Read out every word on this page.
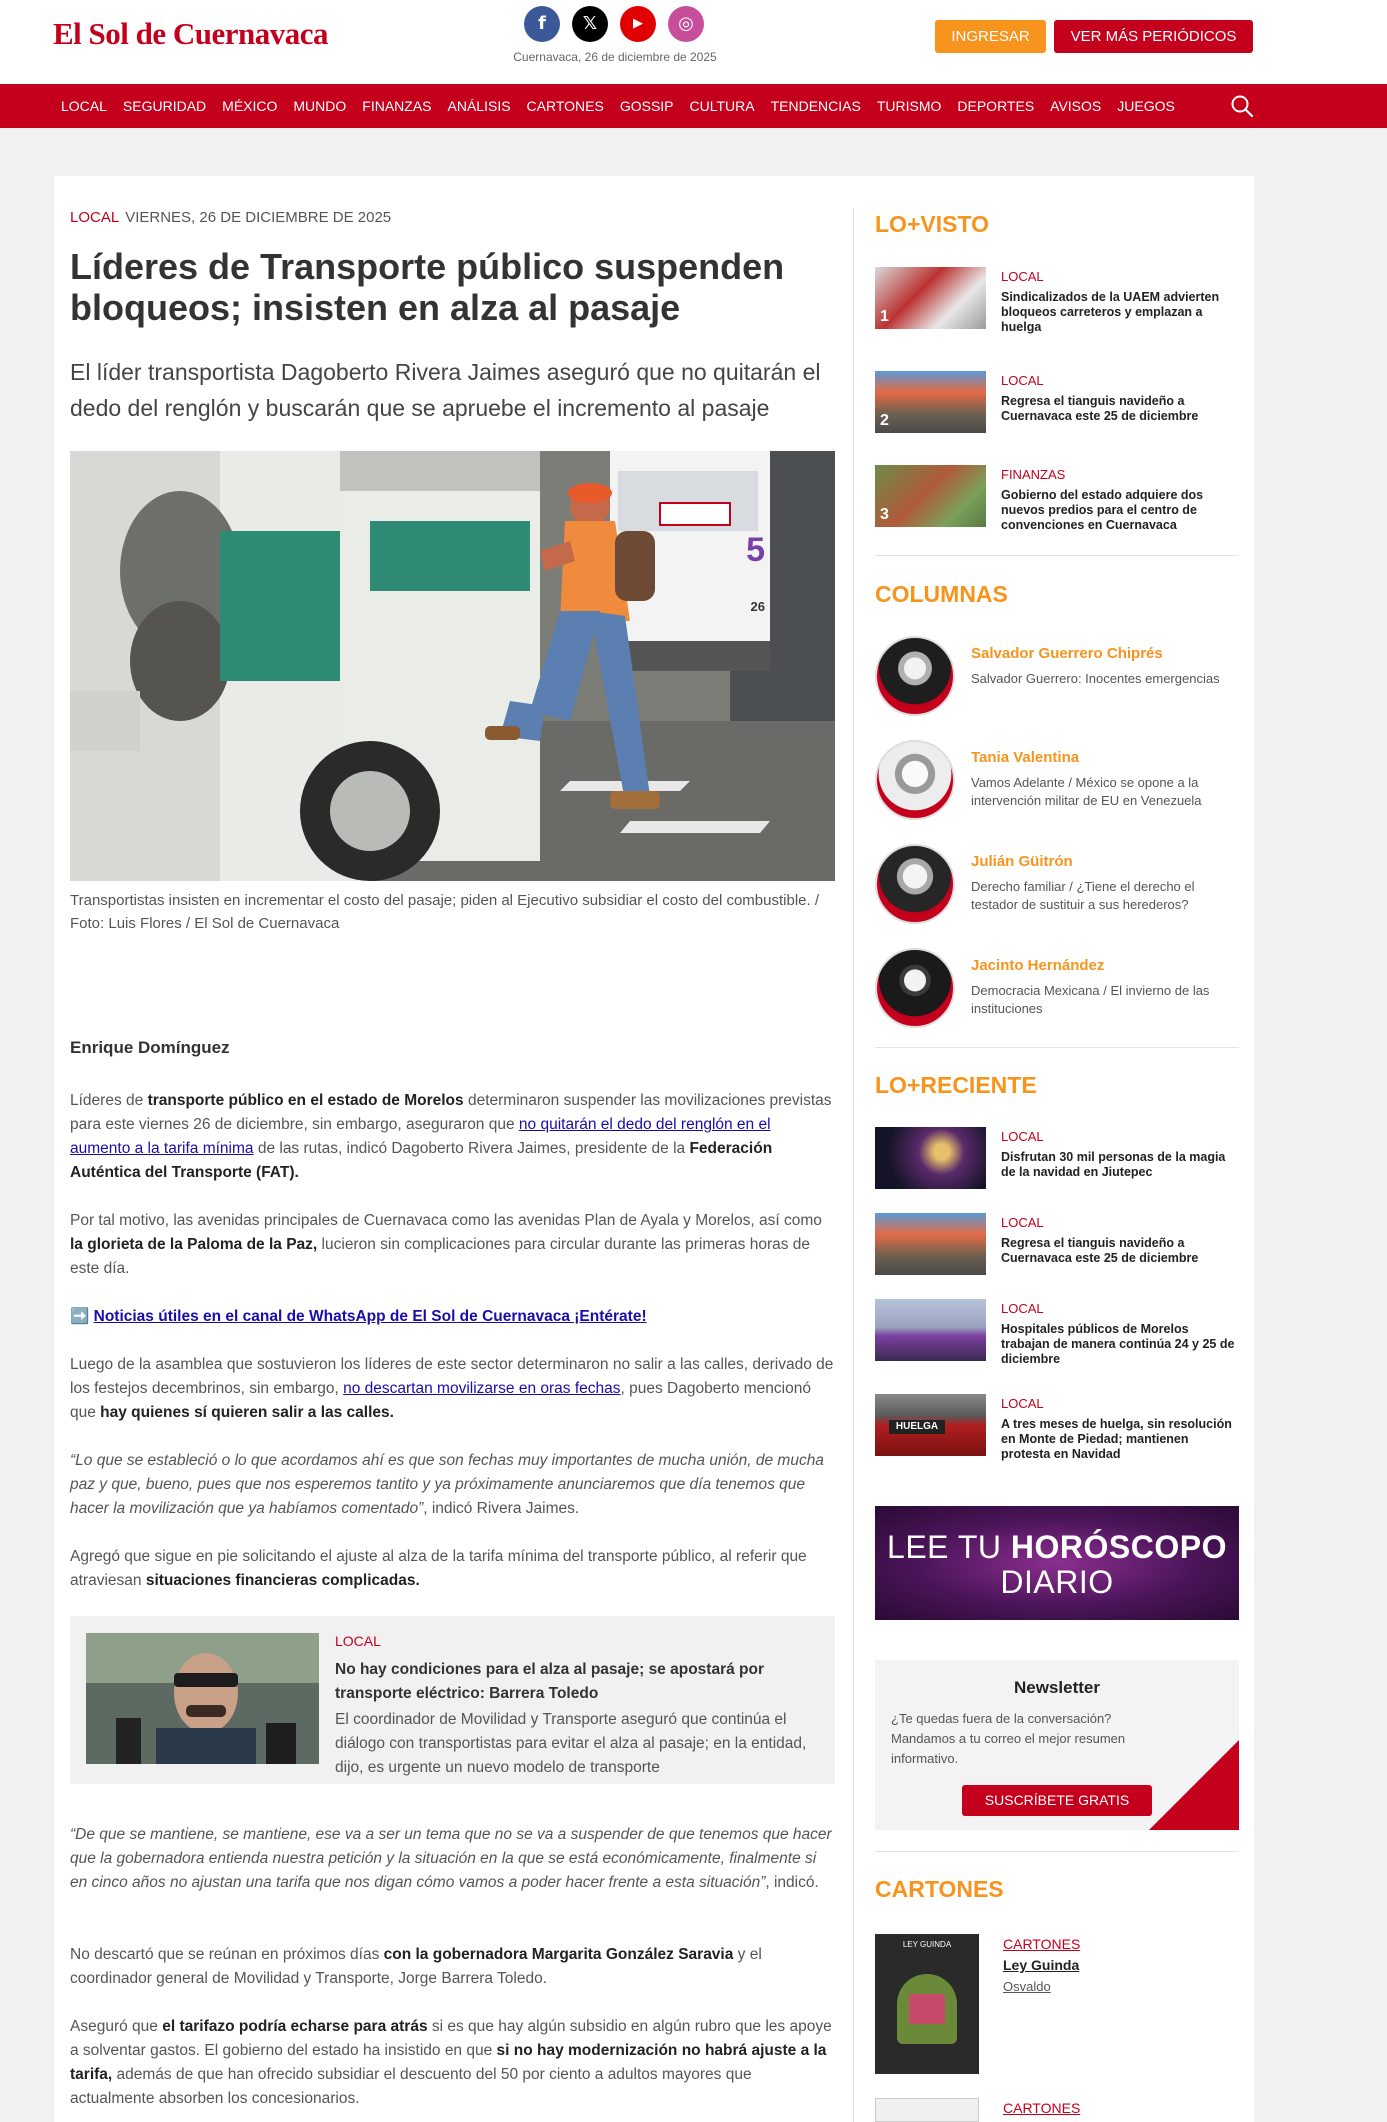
El Sol de Cuernavaca	f	𝕏	▶	◎
Cuernavaca, 26 de diciembre de 2025
INGRESAR	VER MÁS PERIÓDICOS
LOCAL	SEGURIDAD	MÉXICO	MUNDO	FINANZAS	ANÁLISIS	CARTONES	GOSSIP	CULTURA	TENDENCIAS	TURISMO	DEPORTES	AVISOS	JUEGOS
LOCAL VIERNES, 26 DE DICIEMBRE DE 2025
Líderes de Transporte público suspenden bloqueos; insisten en alza al pasaje

El líder transportista Dagoberto Rivera Jaimes aseguró que no quitarán el dedo del renglón y buscarán que se apruebe el incremento al pasaje

5
26

Transportistas insisten en incrementar el costo del pasaje; piden al Ejecutivo subsidiar el costo del combustible. / Foto: Luis Flores / El Sol de Cuernavaca

Enrique Domínguez

Líderes de transporte público en el estado de Morelos determinaron suspender las movilizaciones previstas para este viernes 26 de diciembre, sin embargo, aseguraron que no quitarán el dedo del renglón en el aumento a la tarifa mínima de las rutas, indicó Dagoberto Rivera Jaimes, presidente de la Federación Auténtica del Transporte (FAT).

Por tal motivo, las avenidas principales de Cuernavaca como las avenidas Plan de Ayala y Morelos, así como la glorieta de la Paloma de la Paz, lucieron sin complicaciones para circular durante las primeras horas de este día.

➡️ Noticias útiles en el canal de WhatsApp de El Sol de Cuernavaca ¡Entérate!

Luego de la asamblea que sostuvieron los líderes de este sector determinaron no salir a las calles, derivado de los festejos decembrinos, sin embargo, no descartan movilizarse en oras fechas, pues Dagoberto mencionó que hay quienes sí quieren salir a las calles.

“Lo que se estableció o lo que acordamos ahí es que son fechas muy importantes de mucha unión, de mucha paz y que, bueno, pues que nos esperemos tantito y ya próximamente anunciaremos que día tenemos que hacer la movilización que ya habíamos comentado”, indicó Rivera Jaimes.

Agregó que sigue en pie solicitando el ajuste al alza de la tarifa mínima del transporte público, al referir que atraviesan situaciones financieras complicadas.

LOCAL
No hay condiciones para el alza al pasaje; se apostará por transporte eléctrico: Barrera Toledo
El coordinador de Movilidad y Transporte aseguró que continúa el diálogo con transportistas para evitar el alza al pasaje; en la entidad, dijo, es urgente un nuevo modelo de transporte

“De que se mantiene, se mantiene, ese va a ser un tema que no se va a suspender de que tenemos que hacer que la gobernadora entienda nuestra petición y la situación en la que se está económicamente, finalmente si en cinco años no ajustan una tarifa que nos digan cómo vamos a poder hacer frente a esta situación”, indicó.

No descartó que se reúnan en próximos días con la gobernadora Margarita González Saravia y el coordinador general de Movilidad y Transporte, Jorge Barrera Toledo.

Aseguró que el tarifazo podría echarse para atrás si es que hay algún subsidio en algún rubro que les apoye a solventar gastos. El gobierno del estado ha insistido en que si no hay modernización no habrá ajuste a la tarifa, además de que han ofrecido subsidiar el descuento del 50 por ciento a adultos mayores que actualmente absorben los concesionarios.

LO+VISTO
1
LOCAL
Sindicalizados de la UAEM advierten bloqueos carreteros y emplazan a huelga
2
LOCAL
Regresa el tianguis navideño a Cuernavaca este 25 de diciembre
3
FINANZAS
Gobierno del estado adquiere dos nuevos predios para el centro de convenciones en Cuernavaca
COLUMNAS
Salvador Guerrero Chiprés
Salvador Guerrero: Inocentes emergencias
Tania Valentina
Vamos Adelante / México se opone a la intervención militar de EU en Venezuela
Julián Güitrón
Derecho familiar / ¿Tiene el derecho el testador de sustituir a sus herederos?
Jacinto Hernández
Democracia Mexicana / El invierno de las instituciones
LO+RECIENTE
LOCAL
Disfrutan 30 mil personas de la magia de la navidad en Jiutepec
LOCAL
Regresa el tianguis navideño a Cuernavaca este 25 de diciembre
LOCAL
Hospitales públicos de Morelos trabajan de manera continúa 24 y 25 de diciembre
HUELGA
LOCAL
A tres meses de huelga, sin resolución en Monte de Piedad; mantienen protesta en Navidad
LEE TU HORÓSCOPO
DIARIO
Newsletter
¿Te quedas fuera de la conversación? Mandamos a tu correo el mejor resumen informativo.
SUSCRÍBETE GRATIS
CARTONES
LEY GUINDA	CARTONES
Ley Guinda
Osvaldo
CARTONES
